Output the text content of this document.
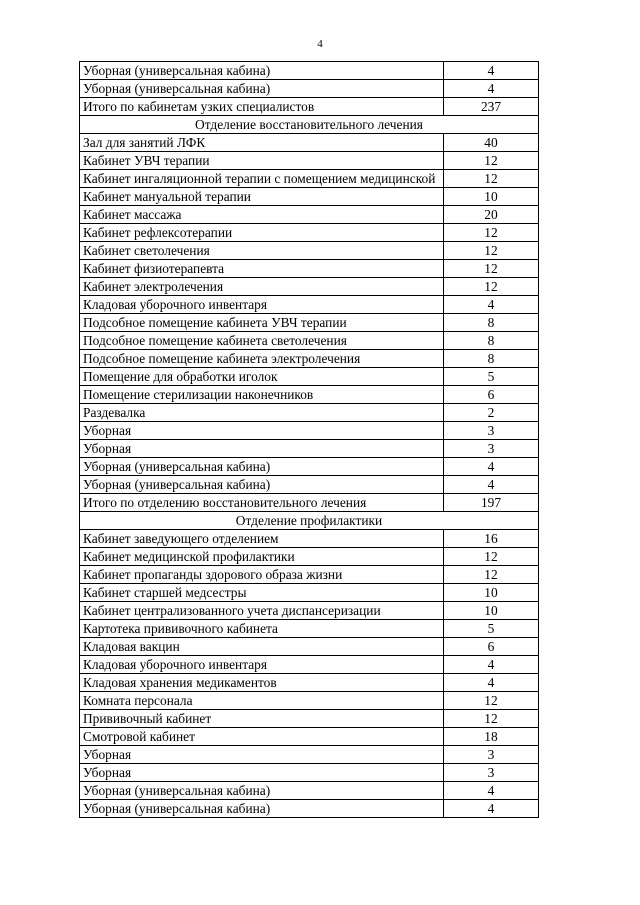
4
Уборная (универсальная кабина)	4
Уборная (универсальная кабина)	4
Итого по кабинетам узких специалистов	237
Отделение восстановительного лечения	
Зал для занятий ЛФК	40
Кабинет УВЧ терапии	12
Кабинет ингаляционной терапии с помещением медицинской	12
Кабинет мануальной терапии	10
Кабинет массажа	20
Кабинет рефлексотерапии	12
Кабинет светолечения	12
Кабинет физиотерапевта	12
Кабинет электролечения	12
Кладовая уборочного инвентаря	4
Подсобное помещение кабинета УВЧ терапии	8
Подсобное помещение кабинета светолечения	8
Подсобное помещение кабинета электролечения	8
Помещение для обработки иголок	5
Помещение стерилизации наконечников	6
Раздевалка	2
Уборная	3
Уборная	3
Уборная (универсальная кабина)	4
Уборная (универсальная кабина)	4
Итого по отделению восстановительного лечения	197
Отделение профилактики	
Кабинет заведующего отделением	16
Кабинет медицинской профилактики	12
Кабинет пропаганды здорового образа жизни	12
Кабинет старшей медсестры	10
Кабинет централизованного учета диспансеризации	10
Картотека прививочного кабинета	5
Кладовая вакцин	6
Кладовая уборочного инвентаря	4
Кладовая хранения медикаментов	4
Комната персонала	12
Прививочный кабинет	12
Смотровой кабинет	18
Уборная	3
Уборная	3
Уборная (универсальная кабина)	4
Уборная (универсальная кабина)	4
